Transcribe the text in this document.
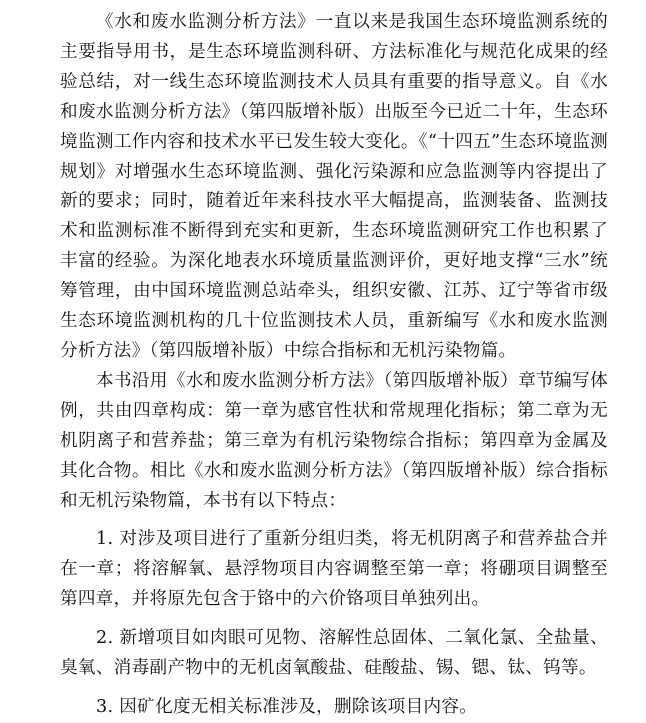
《水和废水监测分析方法》一直以来是我国生态环境监测系统的主要指导用书，是生态环境监测科研、方法标准化与规范化成果的经验总结，对一线生态环境监测技术人员具有重要的指导意义。自《水和废水监测分析方法》（第四版增补版）出版至今已近二十年，生态环境监测工作内容和技术水平已发生较大变化。《“十四五”生态环境监测规划》对增强水生态环境监测、强化污染源和应急监测等内容提出了新的要求；同时，随着近年来科技水平大幅提高，监测装备、监测技术和监测标准不断得到充实和更新，生态环境监测研究工作也积累了丰富的经验。为深化地表水环境质量监测评价，更好地支撑“三水”统筹管理，由中国环境监测总站牵头，组织安徽、江苏、辽宁等省市级生态环境监测机构的几十位监测技术人员，重新编写《水和废水监测分析方法》（第四版增补版）中综合指标和无机污染物篇。

本书沿用《水和废水监测分析方法》（第四版增补版）章节编写体例，共由四章构成：第一章为感官性状和常规理化指标；第二章为无机阴离子和营养盐；第三章为有机污染物综合指标；第四章为金属及其化合物。相比《水和废水监测分析方法》（第四版增补版）综合指标和无机污染物篇，本书有以下特点：

1. 对涉及项目进行了重新分组归类，将无机阴离子和营养盐合并在一章；将溶解氧、悬浮物项目内容调整至第一章；将硼项目调整至第四章，并将原先包含于铬中的六价铬项目单独列出。

2. 新增项目如肉眼可见物、溶解性总固体、二氧化氯、全盐量、臭氧、消毒副产物中的无机卤氧酸盐、硅酸盐、锡、锶、钛、钨等。

3. 因矿化度无相关标准涉及，删除该项目内容。
